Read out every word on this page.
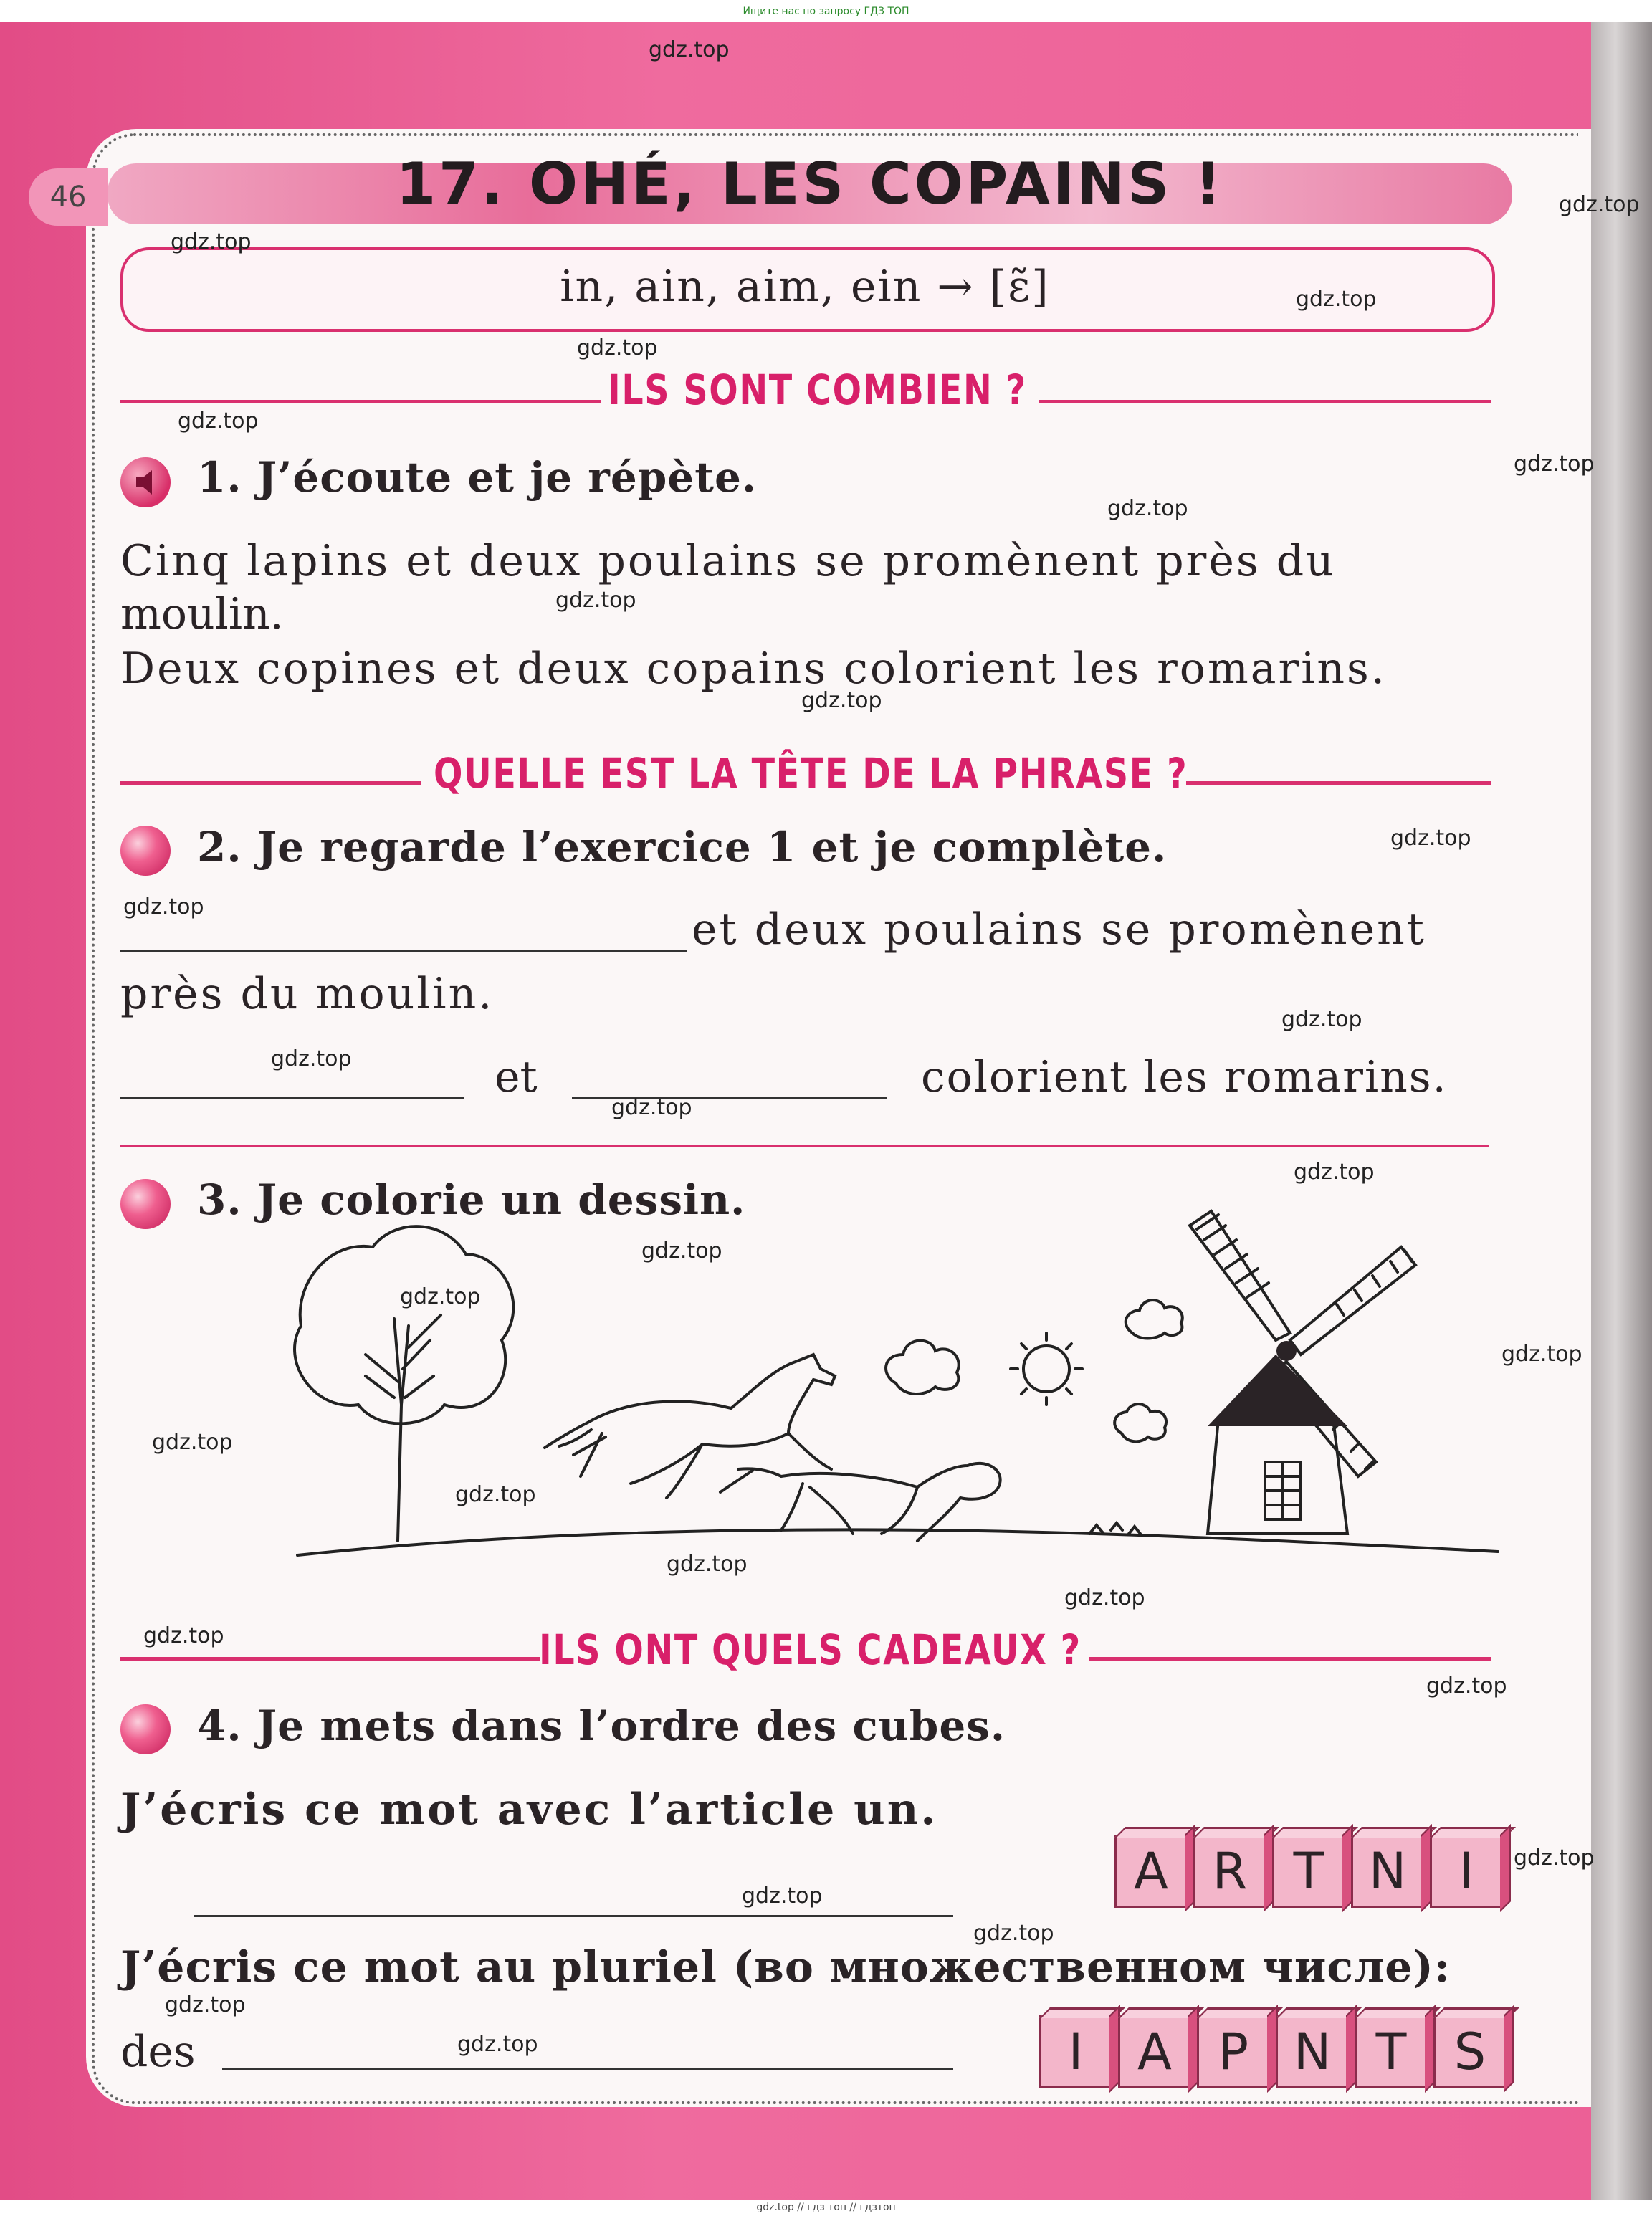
Ищите нас по запросу ГДЗ ТОП
46	17. OHÉ, LES COPAINS !
in, ain, aim, ein → [ɛ̃]
ILS SONT COMBIEN ?
1. J’écoute et je répète.
Cinq lapins et deux poulains se promènent près du
moulin.
Deux copines et deux copains colorient les romarins.
QUELLE EST LA TÊTE DE LA PHRASE ?
2. Je regarde l’exercice 1 et je complète.
et deux poulains se promènent
près du moulin.
et	colorient les romarins.
3. Je colorie un dessin.
ILS ONT QUELS CADEAUX ?
4. Je mets dans l’ordre des cubes.
J’écris ce mot avec l’article un.
A R T N	I
J’écris ce mot au pluriel (во множественном числе):
des	I	A P N T S
gdz.top
gdz.top
gdz.top
gdz.top
gdz.top
gdz.top
gdz.top
gdz.top
gdz.top
gdz.top
gdz.top
gdz.top
gdz.top
gdz.top
gdz.top
gdz.top
gdz.top
gdz.top
gdz.top
gdz.top
gdz.top
gdz.top
gdz.top
gdz.top
gdz.top
gdz.top
gdz.top
gdz.top
gdz.top
gdz.top
gdz.top // гдз топ // гдзтоп
